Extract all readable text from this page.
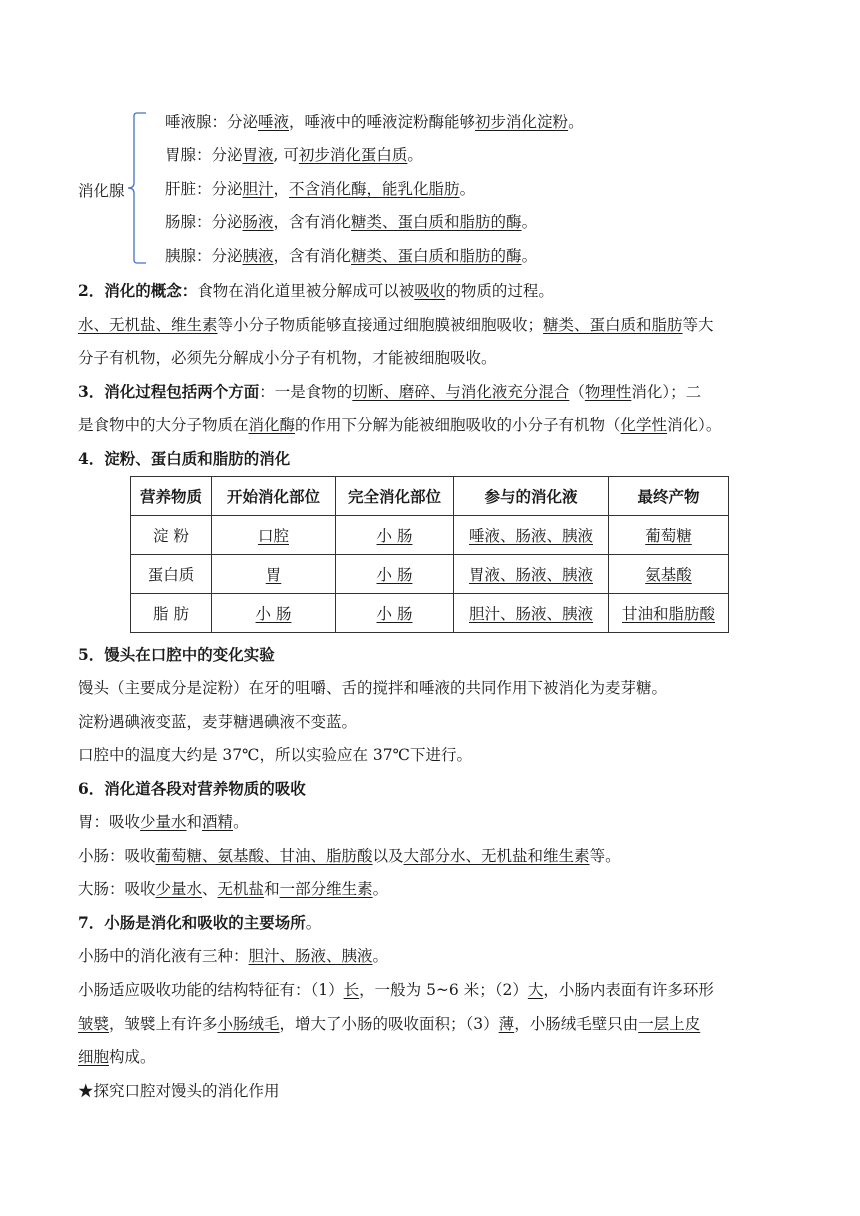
消化腺
唾液腺：分泌唾液，唾液中的唾液淀粉酶能够初步消化淀粉。
胃腺：分泌胃液, 可初步消化蛋白质。
肝脏：分泌胆汁，不含消化酶，能乳化脂肪。
肠腺：分泌肠液，含有消化糖类、蛋白质和脂肪的酶。
胰腺：分泌胰液，含有消化糖类、蛋白质和脂肪的酶。
2．消化的概念：食物在消化道里被分解成可以被吸收的物质的过程。
水、无机盐、维生素等小分子物质能够直接通过细胞膜被细胞吸收；糖类、蛋白质和脂肪等大
分子有机物，必须先分解成小分子有机物，才能被细胞吸收。
3．消化过程包括两个方面：一是食物的切断、磨碎、与消化液充分混合（物理性消化）；二
是食物中的大分子物质在消化酶的作用下分解为能被细胞吸收的小分子有机物（化学性消化）。
4．淀粉、蛋白质和脂肪的消化
营养物质	开始消化部位	完全消化部位	参与的消化液	最终产物
淀 粉	口腔	小 肠	唾液、肠液、胰液	葡萄糖
蛋白质	胃	小 肠	胃液、肠液、胰液	氨基酸
脂 肪	小 肠	小 肠	胆汁、肠液、胰液	甘油和脂肪酸
5．馒头在口腔中的变化实验
馒头（主要成分是淀粉）在牙的咀嚼、舌的搅拌和唾液的共同作用下被消化为麦芽糖。
淀粉遇碘液变蓝，麦芽糖遇碘液不变蓝。
口腔中的温度大约是 37℃，所以实验应在 37℃下进行。
6．消化道各段对营养物质的吸收
胃：吸收少量水和酒精。
小肠：吸收葡萄糖、氨基酸、甘油、脂肪酸以及大部分水、无机盐和维生素等。
大肠：吸收少量水、无机盐和一部分维生素。
7．小肠是消化和吸收的主要场所。
小肠中的消化液有三种：胆汁、肠液、胰液。
小肠适应吸收功能的结构特征有：（1）长，一般为 5~6 米；（2）大，小肠内表面有许多环形
皱襞，皱襞上有许多小肠绒毛，增大了小肠的吸收面积；（3）薄，小肠绒毛壁只由一层上皮
细胞构成。
★探究口腔对馒头的消化作用
